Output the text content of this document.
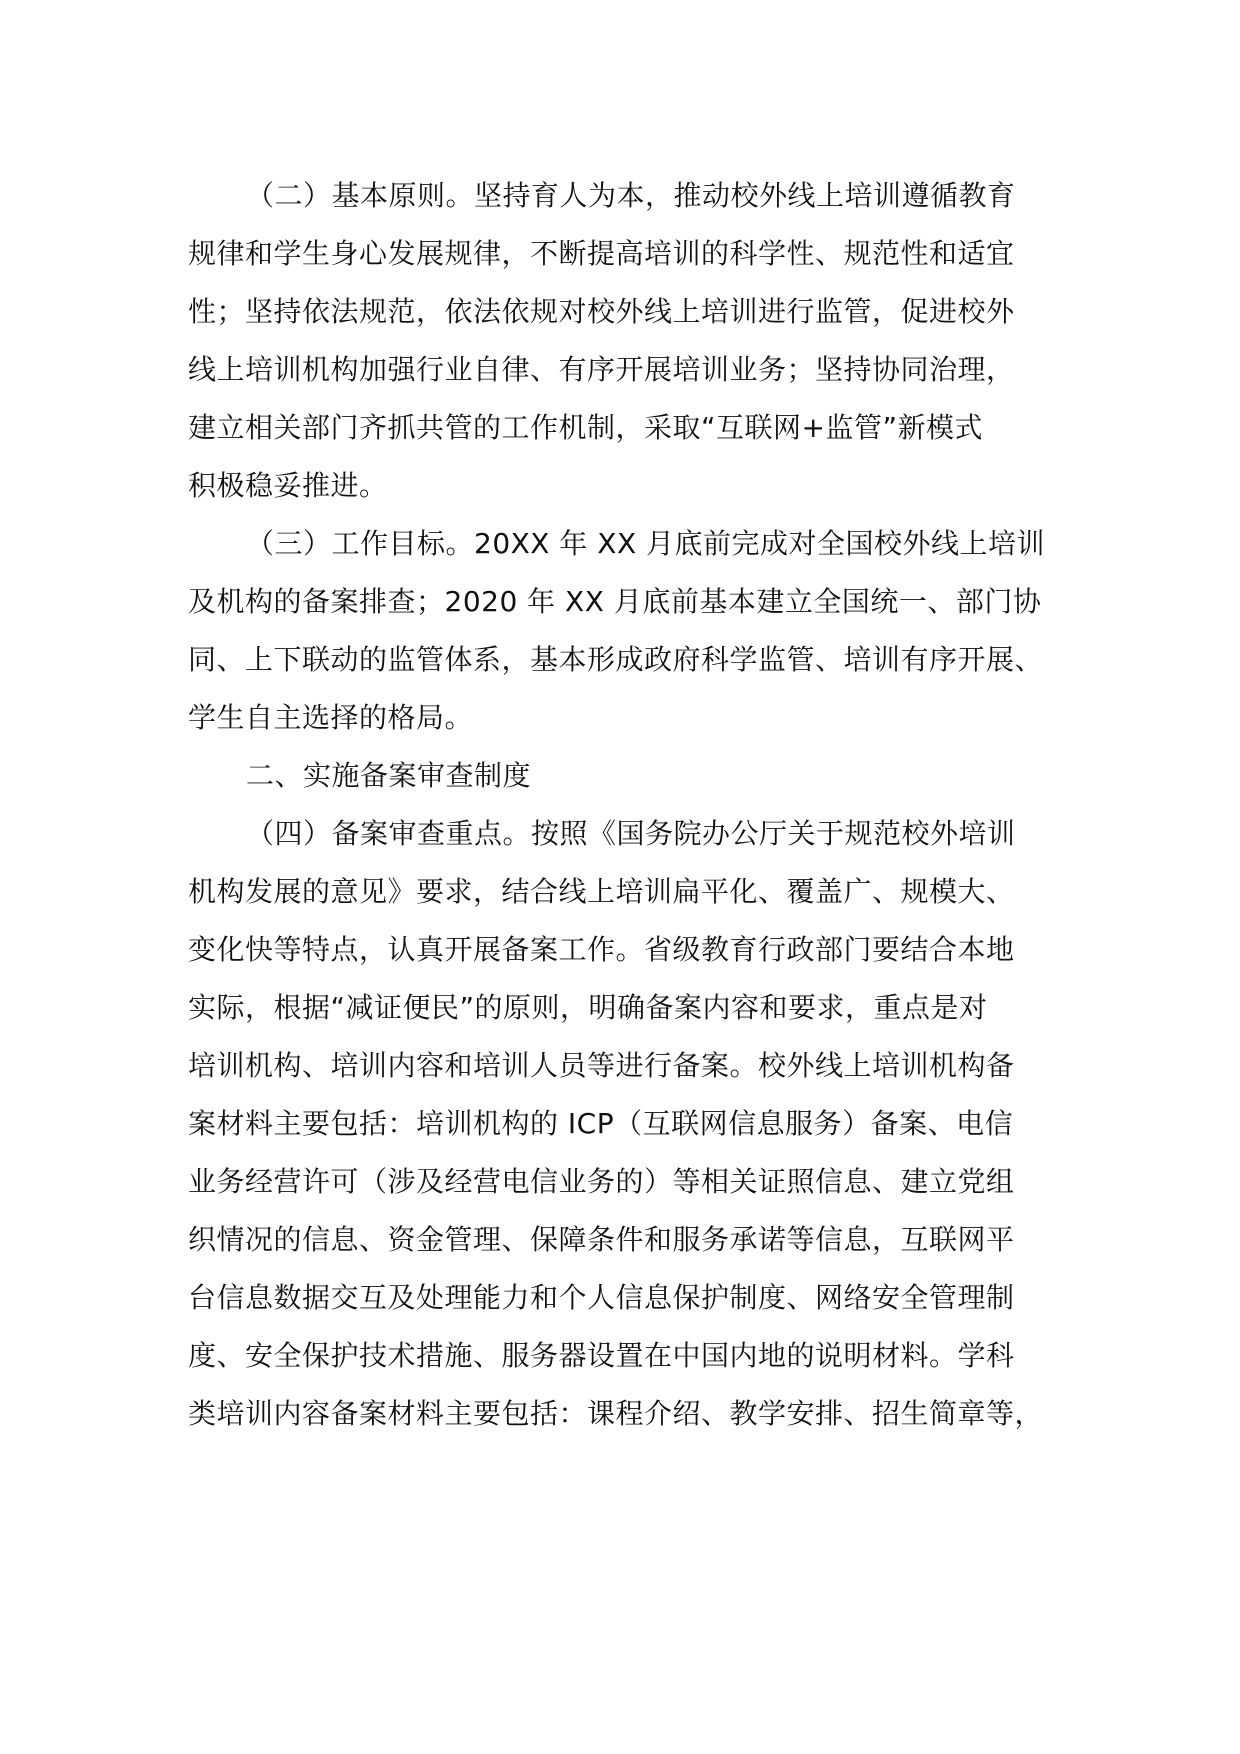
（二）基本原则。坚持育人为本，推动校外线上培训遵循教育

规律和学生身心发展规律，不断提高培训的科学性、规范性和适宜

性；坚持依法规范，依法依规对校外线上培训进行监管，促进校外

线上培训机构加强行业自律、有序开展培训业务；坚持协同治理，

建立相关部门齐抓共管的工作机制，采取“互联网+监管”新模式

积极稳妥推进。

（三）工作目标。20XX 年 XX 月底前完成对全国校外线上培训

及机构的备案排查；2020 年 XX 月底前基本建立全国统一、部门协

同、上下联动的监管体系，基本形成政府科学监管、培训有序开展、

学生自主选择的格局。

二、实施备案审查制度

（四）备案审查重点。按照《国务院办公厅关于规范校外培训

机构发展的意见》要求，结合线上培训扁平化、覆盖广、规模大、

变化快等特点，认真开展备案工作。省级教育行政部门要结合本地

实际，根据“减证便民”的原则，明确备案内容和要求，重点是对

培训机构、培训内容和培训人员等进行备案。校外线上培训机构备

案材料主要包括：培训机构的 ICP（互联网信息服务）备案、电信

业务经营许可（涉及经营电信业务的）等相关证照信息、建立党组

织情况的信息、资金管理、保障条件和服务承诺等信息，互联网平

台信息数据交互及处理能力和个人信息保护制度、网络安全管理制

度、安全保护技术措施、服务器设置在中国内地的说明材料。学科

类培训内容备案材料主要包括：课程介绍、教学安排、招生简章等，
